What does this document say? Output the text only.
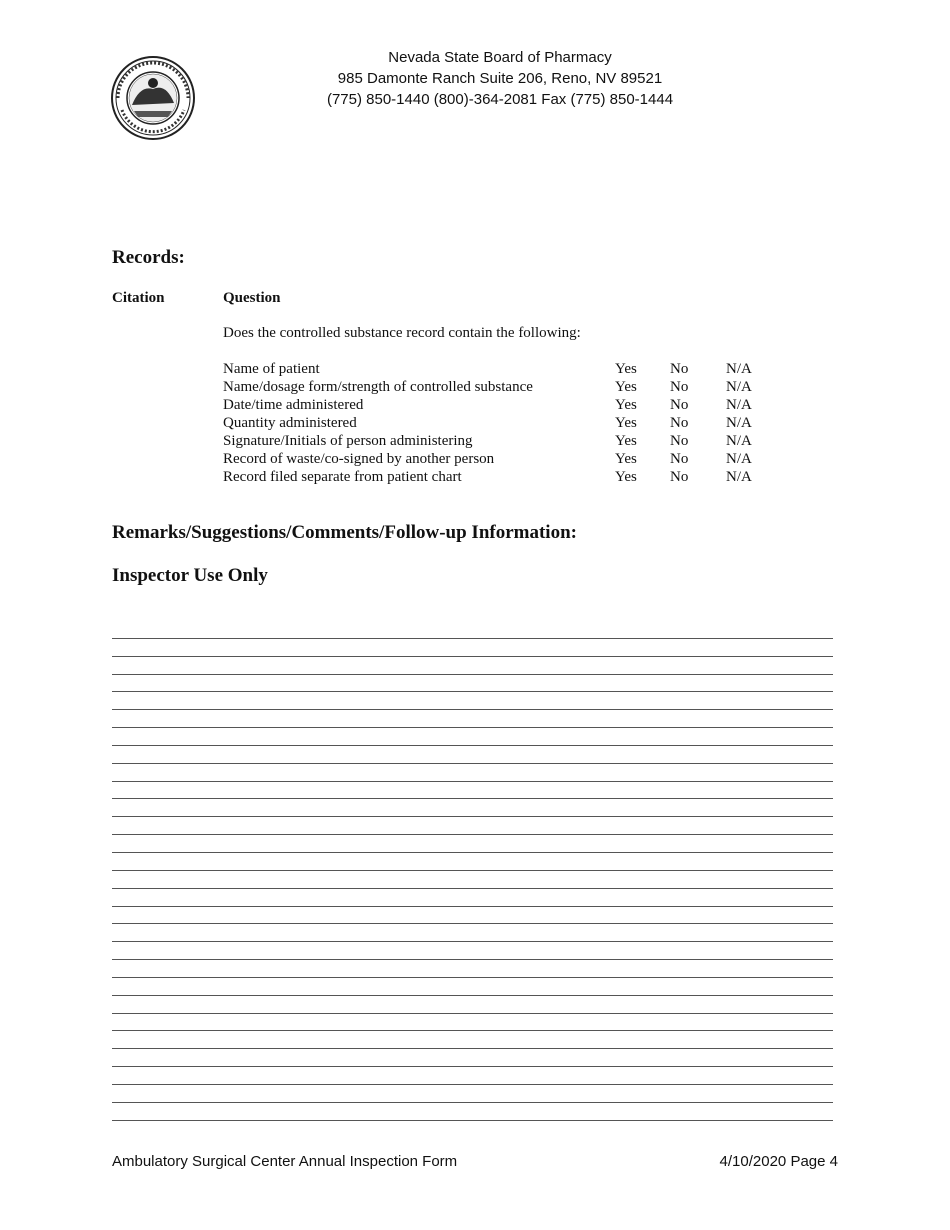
Nevada State Board of Pharmacy
985 Damonte Ranch Suite 206, Reno, NV 89521
(775) 850-1440 (800)-364-2081 Fax (775) 850-1444
Records:
Citation	Question
Does the controlled substance record contain the following:
Name of patient	Yes No	N/A
Name/dosage form/strength of controlled substance	Yes No	N/A
Date/time administered	Yes No	N/A
Quantity administered	Yes No	N/A
Signature/Initials of person administering	Yes No	N/A
Record of waste/co-signed by another person	Yes No	N/A
Record filed separate from patient chart	Yes No	N/A
Remarks/Suggestions/Comments/Follow-up Information:
Inspector Use Only
Ambulatory Surgical Center Annual Inspection Form	4/10/2020 Page 4
